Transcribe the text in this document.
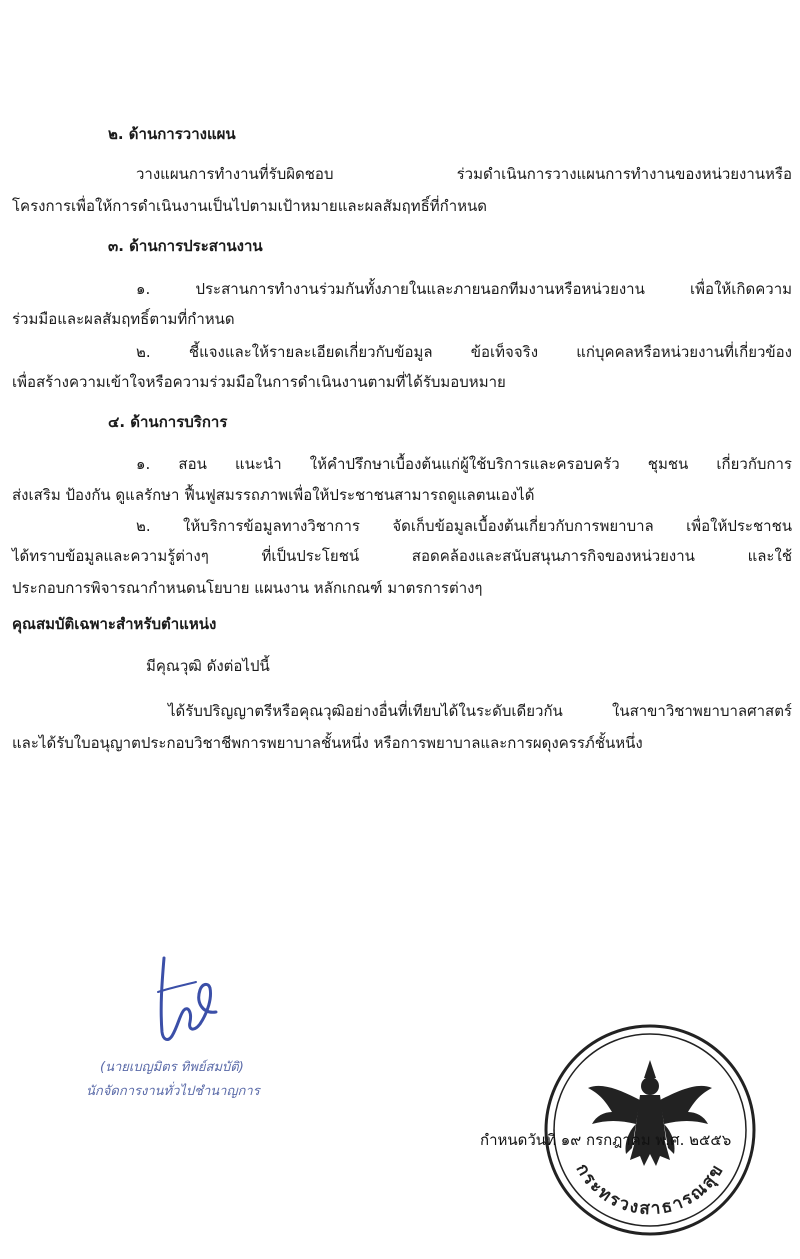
๒. ด้านการวางแผน
วางแผนการทำงานที่รับผิดชอบ ร่วมดำเนินการวางแผนการทำงานของหน่วยงานหรือ
โครงการเพื่อให้การดำเนินงานเป็นไปตามเป้าหมายและผลสัมฤทธิ์ที่กำหนด
๓. ด้านการประสานงาน
๑. ประสานการทำงานร่วมกันทั้งภายในและภายนอกทีมงานหรือหน่วยงาน เพื่อให้เกิดความ
ร่วมมือและผลสัมฤทธิ์ตามที่กำหนด
๒. ชี้แจงและให้รายละเอียดเกี่ยวกับข้อมูล ข้อเท็จจริง แก่บุคคลหรือหน่วยงานที่เกี่ยวข้อง
เพื่อสร้างความเข้าใจหรือความร่วมมือในการดำเนินงานตามที่ได้รับมอบหมาย
๔. ด้านการบริการ
๑. สอน แนะนำ ให้คำปรึกษาเบื้องต้นแก่ผู้ใช้บริการและครอบครัว ชุมชน เกี่ยวกับการ
ส่งเสริม ป้องกัน ดูแลรักษา ฟื้นฟูสมรรถภาพเพื่อให้ประชาชนสามารถดูแลตนเองได้
๒. ให้บริการข้อมูลทางวิชาการ จัดเก็บข้อมูลเบื้องต้นเกี่ยวกับการพยาบาล เพื่อให้ประชาชน
ได้ทราบข้อมูลและความรู้ต่างๆ ที่เป็นประโยชน์ สอดคล้องและสนับสนุนภารกิจของหน่วยงาน และใช้
ประกอบการพิจารณากำหนดนโยบาย แผนงาน หลักเกณฑ์ มาตรการต่างๆ
คุณสมบัติเฉพาะสำหรับตำแหน่ง
มีคุณวุฒิ ดังต่อไปนี้
ได้รับปริญญาตรีหรือคุณวุฒิอย่างอื่นที่เทียบได้ในระดับเดียวกัน ในสาขาวิชาพยาบาลศาสตร์
และได้รับใบอนุญาตประกอบวิชาชีพการพยาบาลชั้นหนึ่ง หรือการพยาบาลและการผดุงครรภ์ชั้นหนึ่ง
(นายเบญมิตร ทิพย์สมบัติ)
นักจัดการงานทั่วไปชำนาญการ
กระทรวงสาธารณสุข
กำหนดวันที่ ๑๙ กรกฎาคม พ.ศ. ๒๕๕๖
